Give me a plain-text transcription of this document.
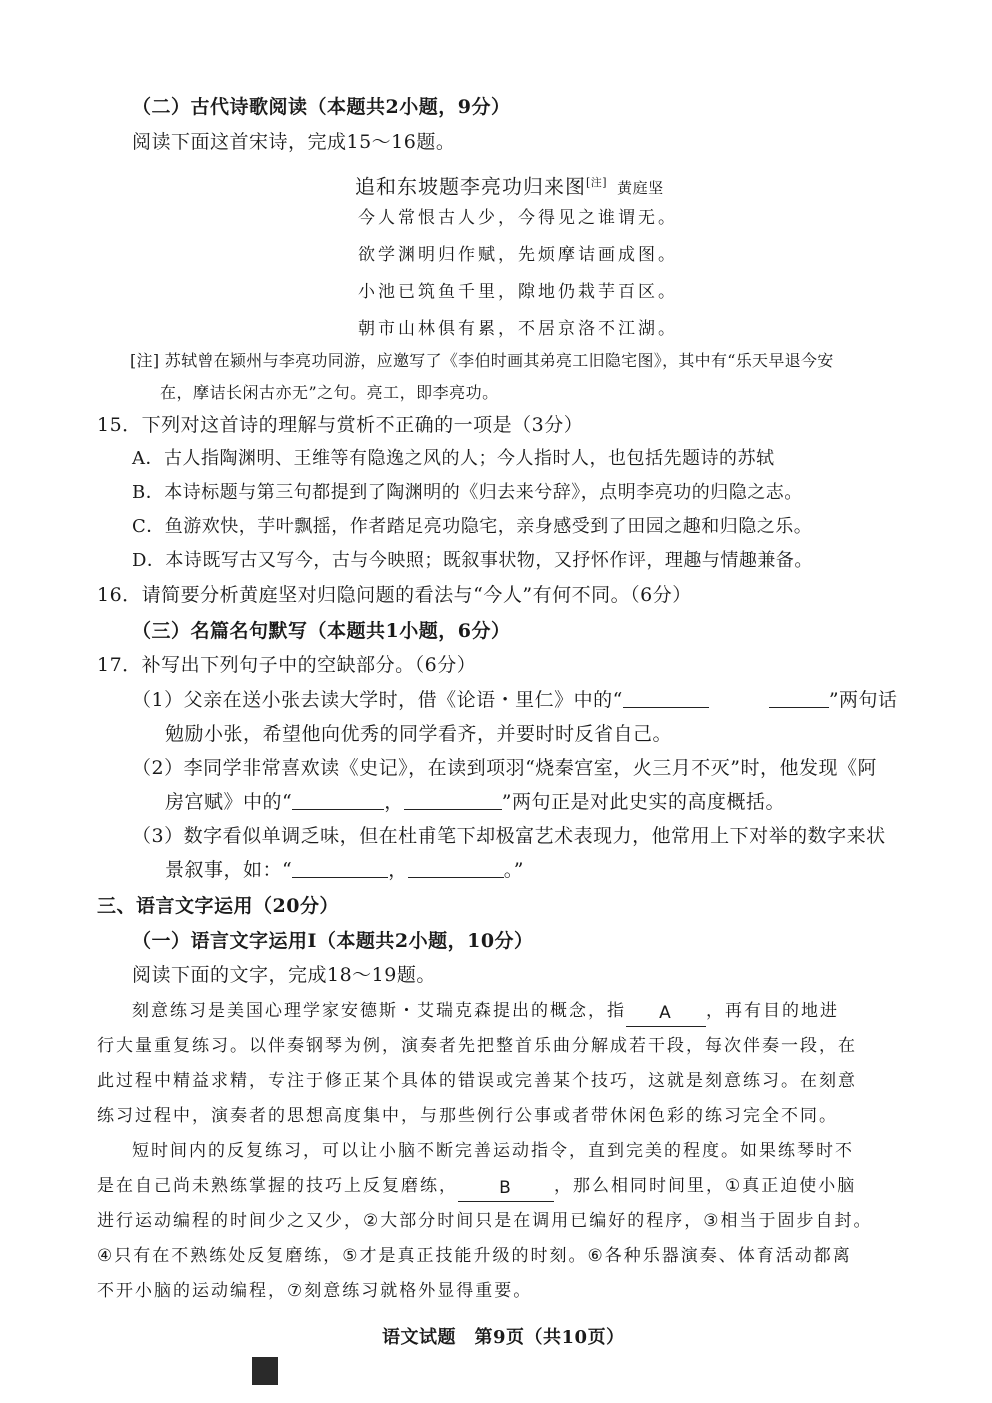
（二）古代诗歌阅读（本题共2小题，9分）
阅读下面这首宋诗，完成15～16题。
追和东坡题李亮功归来图[注] 黄庭坚
今人常恨古人少，今得见之谁谓无。
欲学渊明归作赋，先烦摩诘画成图。
小池已筑鱼千里，隙地仍栽芋百区。
朝市山林俱有累，不居京洛不江湖。
[注] 苏轼曾在颍州与李亮功同游，应邀写了《李伯时画其弟亮工旧隐宅图》，其中有“乐天早退今安
在，摩诘长闲古亦无”之句。亮工，即李亮功。
15．下列对这首诗的理解与赏析不正确的一项是（3分）
A．古人指陶渊明、王维等有隐逸之风的人；今人指时人，也包括先题诗的苏轼
B．本诗标题与第三句都提到了陶渊明的《归去来兮辞》，点明李亮功的归隐之志。
C．鱼游欢快，芋叶飘摇，作者踏足亮功隐宅，亲身感受到了田园之趣和归隐之乐。
D．本诗既写古又写今，古与今映照；既叙事状物，又抒怀作评，理趣与情趣兼备。
16．请简要分析黄庭坚对归隐问题的看法与“今人”有何不同。（6分）
（三）名篇名句默写（本题共1小题，6分）
17．补写出下列句子中的空缺部分。（6分）
（1）父亲在送小张去读大学时，借《论语・里仁》中的“	”两句话
勉励小张，希望他向优秀的同学看齐，并要时时反省自己。
（2）李同学非常喜欢读《史记》，在读到项羽“烧秦宫室，火三月不灭”时，他发现《阿
房宫赋》中的“	，	”两句正是对此史实的高度概括。
（3）数字看似单调乏味，但在杜甫笔下却极富艺术表现力，他常用上下对举的数字来状
景叙事，如：“	，	。”
三、语言文字运用（20分）
（一）语言文字运用Ⅰ（本题共2小题，10分）
阅读下面的文字，完成18～19题。
刻意练习是美国心理学家安德斯・艾瑞克森提出的概念，指 A ，再有目的地进
行大量重复练习。以伴奏钢琴为例，演奏者先把整首乐曲分解成若干段，每次伴奏一段，在
此过程中精益求精，专注于修正某个具体的错误或完善某个技巧，这就是刻意练习。在刻意
练习过程中，演奏者的思想高度集中，与那些例行公事或者带休闲色彩的练习完全不同。
短时间内的反复练习，可以让小脑不断完善运动指令，直到完美的程度。如果练琴时不
是在自己尚未熟练掌握的技巧上反复磨练， B ，那么相同时间里，①真正迫使小脑
进行运动编程的时间少之又少，②大部分时间只是在调用已编好的程序，③相当于固步自封。
④只有在不熟练处反复磨练，⑤才是真正技能升级的时刻。⑥各种乐器演奏、体育活动都离
不开小脑的运动编程，⑦刻意练习就格外显得重要。
语文试题　第9页（共10页）
